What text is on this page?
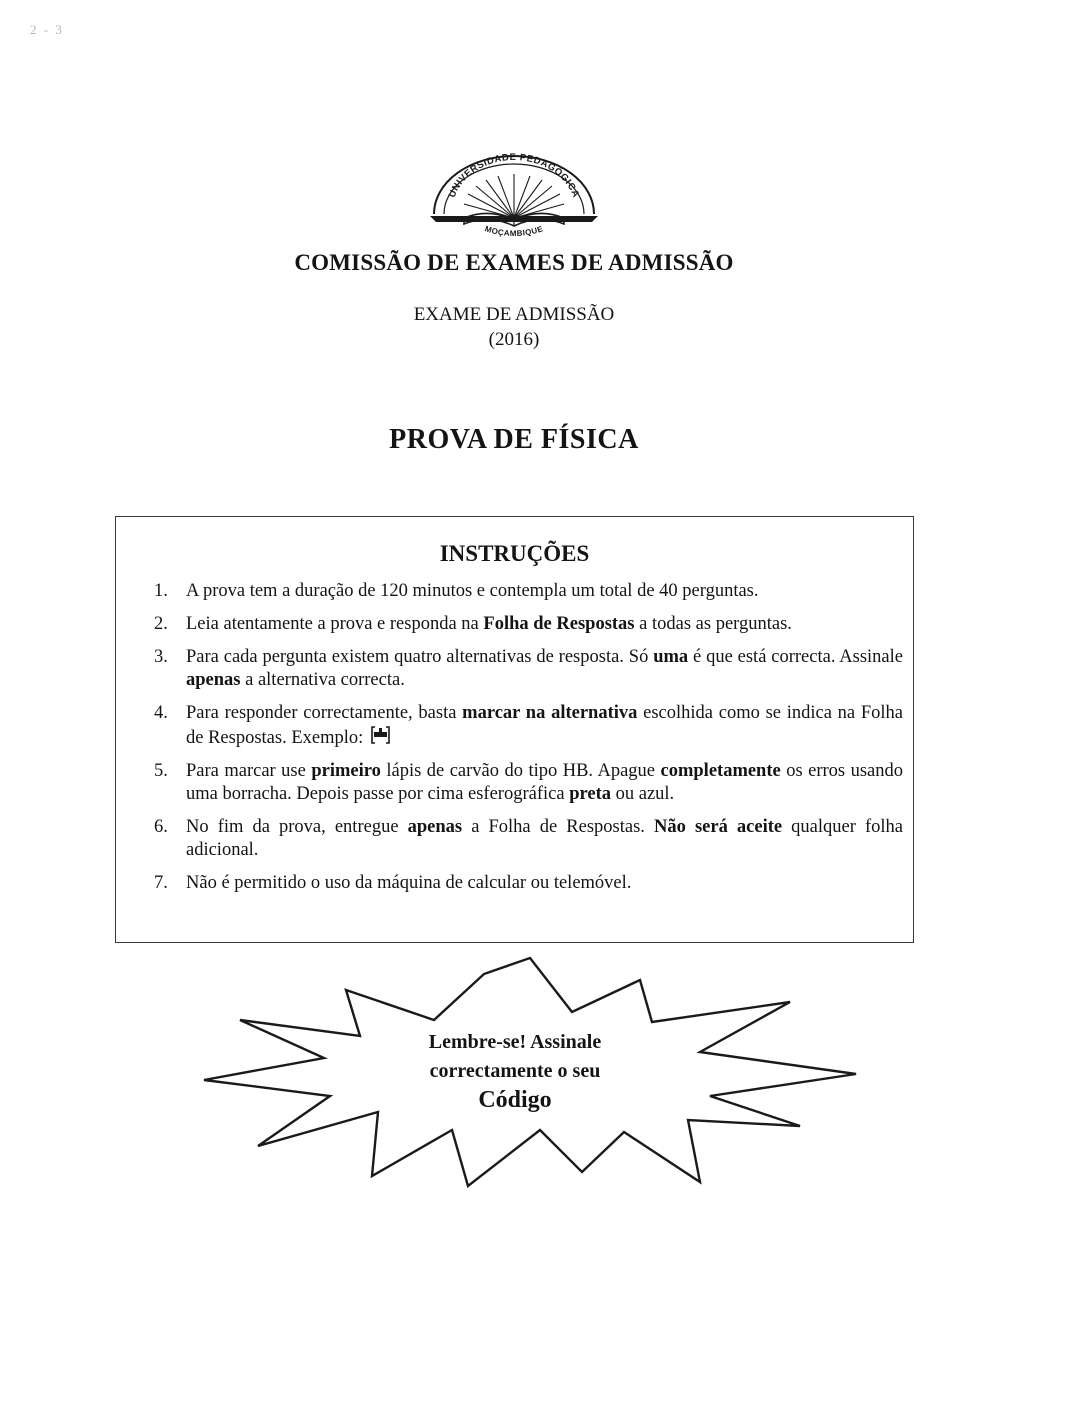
2 - 3
UNIVERSIDADE PEDAGÓGICA
MOÇAMBIQUE
COMISSÃO DE EXAMES DE ADMISSÃO
EXAME DE ADMISSÃO
(2016)
PROVA DE FÍSICA
INSTRUÇÕES
1. A prova tem a duração de 120 minutos e contempla um total de 40 perguntas.
2. Leia atentamente a prova e responda na Folha de Respostas a todas as perguntas.
3. Para cada pergunta existem quatro alternativas de resposta. Só uma é que está correcta. Assinale apenas a alternativa correcta.
4. Para responder correctamente, basta marcar na alternativa escolhida como se indica na Folha de Respostas. Exemplo:
5. Para marcar use primeiro lápis de carvão do tipo HB. Apague completamente os erros usando uma borracha. Depois passe por cima esferográfica preta ou azul.
6. No fim da prova, entregue apenas a Folha de Respostas. Não será aceite qualquer folha adicional.
7. Não é permitido o uso da máquina de calcular ou telemóvel.
Lembre-se! Assinale
correctamente o seu
Código
